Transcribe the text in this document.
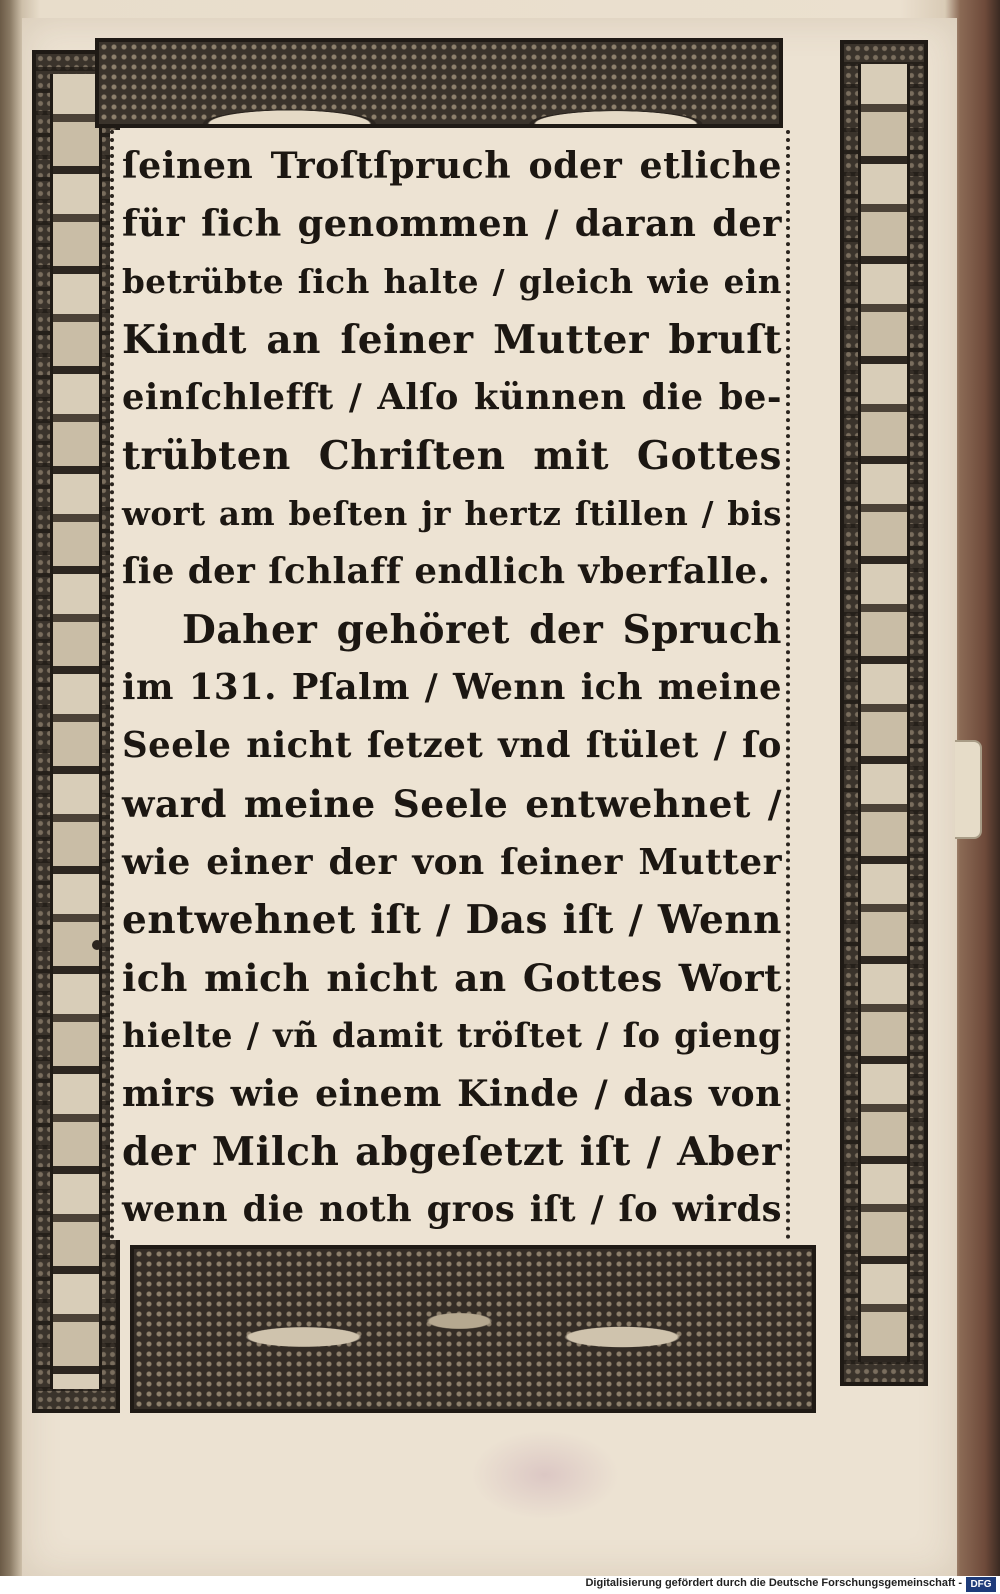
ſeinen Troſtſpruch oder etliche
für ſich genommen / daran der
betrübte ſich halte / gleich wie ein
Kindt an ſeiner Mutter bruſt
einſchlefft / Alſo künnen die be-
trübten Chriſten mit Gottes
wort am beſten jr hertz ſtillen / bis
ſie der ſchlaff endlich vberfalle.
Daher gehöret der Spruch
im 131. Pſalm / Wenn ich meine
Seele nicht ſetzet vnd ſtület / ſo
ward meine Seele entwehnet /
wie einer der von ſeiner Mutter
entwehnet iſt / Das iſt / Wenn
ich mich nicht an Gottes Wort
hielte / vñ damit tröſtet / ſo gieng
mirs wie einem Kinde / das von
der Milch abgeſetzt iſt / Aber
wenn die noth gros iſt / ſo wirds
Digitalisierung gefördert durch die Deutsche Forschungsgemeinschaft - DFG
